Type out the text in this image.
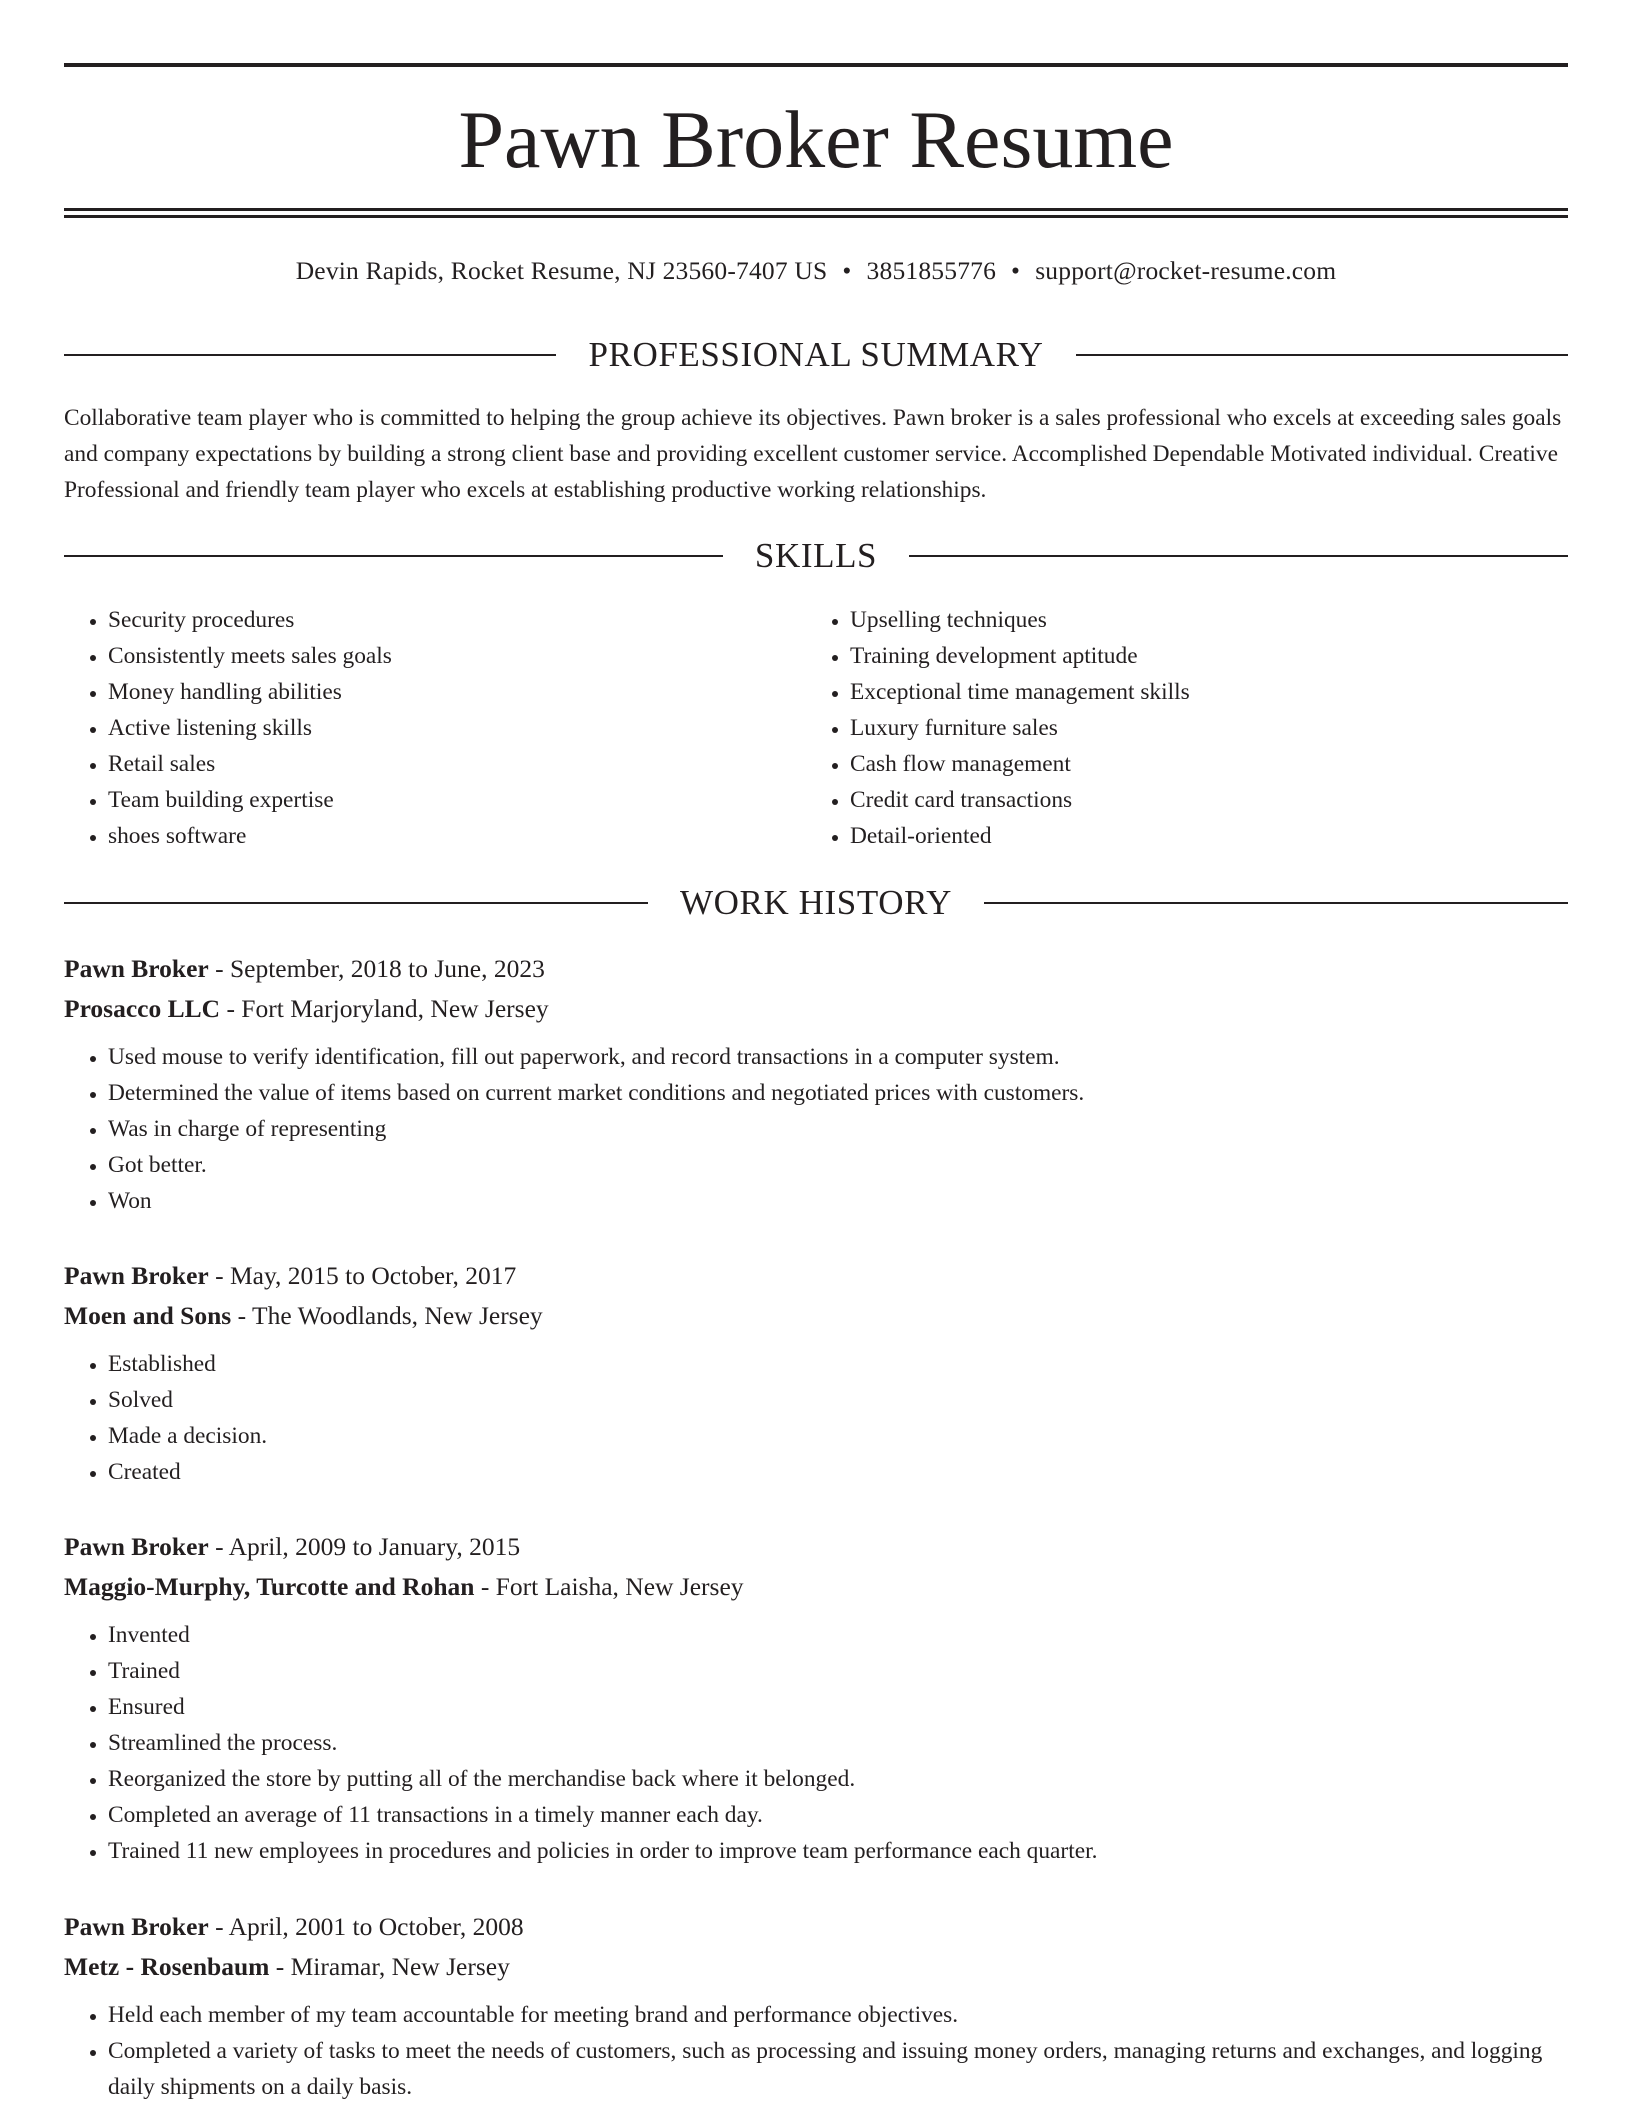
Pawn Broker Resume
Devin Rapids, Rocket Resume, NJ 23560-7407 US • 3851855776 • support@rocket-resume.com
PROFESSIONAL SUMMARY

Collaborative team player who is committed to helping the group achieve its objectives. Pawn broker is a sales professional who excels at exceeding sales goals and company expectations by building a strong client base and providing excellent customer service. Accomplished Dependable Motivated individual. Creative Professional and friendly team player who excels at establishing productive working relationships.

SKILLS
• Security procedures
• Consistently meets sales goals
• Money handling abilities
• Active listening skills
• Retail sales
• Team building expertise
• shoes software
• Upselling techniques
• Training development aptitude
• Exceptional time management skills
• Luxury furniture sales
• Cash flow management
• Credit card transactions
• Detail-oriented
WORK HISTORY
Pawn Broker - September, 2018 to June, 2023
Prosacco LLC - Fort Marjoryland, New Jersey
• Used mouse to verify identification, fill out paperwork, and record transactions in a computer system.
• Determined the value of items based on current market conditions and negotiated prices with customers.
• Was in charge of representing
• Got better.
• Won
Pawn Broker - May, 2015 to October, 2017
Moen and Sons - The Woodlands, New Jersey
• Established
• Solved
• Made a decision.
• Created
Pawn Broker - April, 2009 to January, 2015
Maggio-Murphy, Turcotte and Rohan - Fort Laisha, New Jersey
• Invented
• Trained
• Ensured
• Streamlined the process.
• Reorganized the store by putting all of the merchandise back where it belonged.
• Completed an average of 11 transactions in a timely manner each day.
• Trained 11 new employees in procedures and policies in order to improve team performance each quarter.
Pawn Broker - April, 2001 to October, 2008
Metz - Rosenbaum - Miramar, New Jersey
• Held each member of my team accountable for meeting brand and performance objectives.
• Completed a variety of tasks to meet the needs of customers, such as processing and issuing money orders, managing returns and exchanges, and logging daily shipments on a daily basis.
